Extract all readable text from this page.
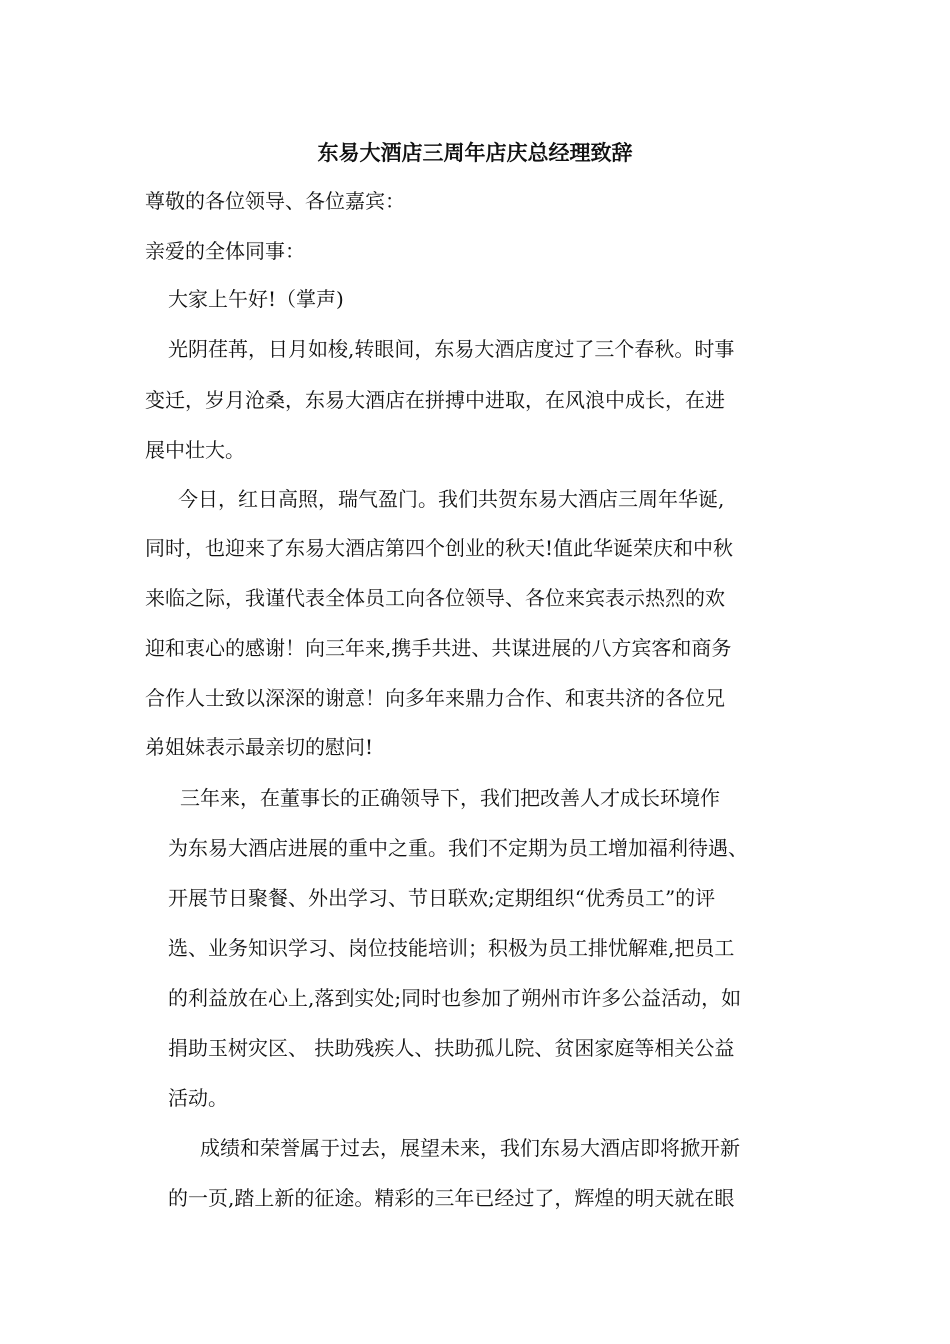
东易大酒店三周年店庆总经理致辞
尊敬的各位领导、各位嘉宾：
亲爱的全体同事：
大家上午好!（掌声)
光阴荏苒，日月如梭,转眼间，东易大酒店度过了三个春秋。时事
变迁，岁月沧桑，东易大酒店在拼搏中进取，在风浪中成长，在进
展中壮大。
今日，红日高照，瑞气盈门。我们共贺东易大酒店三周年华诞,
同时，也迎来了东易大酒店第四个创业的秋天!值此华诞荣庆和中秋
来临之际，我谨代表全体员工向各位领导、各位来宾表示热烈的欢
迎和衷心的感谢！向三年来,携手共进、共谋进展的八方宾客和商务
合作人士致以深深的谢意！向多年来鼎力合作、和衷共济的各位兄
弟姐妹表示最亲切的慰问!
三年来，在董事长的正确领导下，我们把改善人才成长环境作
为东易大酒店进展的重中之重。我们不定期为员工增加福利待遇、
开展节日聚餐、外出学习、节日联欢;定期组织“优秀员工”的评
选、业务知识学习、岗位技能培训；积极为员工排忧解难,把员工
的利益放在心上,落到实处;同时也参加了朔州市许多公益活动，如
捐助玉树灾区、 扶助残疾人、扶助孤儿院、贫困家庭等相关公益
活动。
成绩和荣誉属于过去，展望未来，我们东易大酒店即将掀开新
的一页,踏上新的征途。精彩的三年已经过了，辉煌的明天就在眼
